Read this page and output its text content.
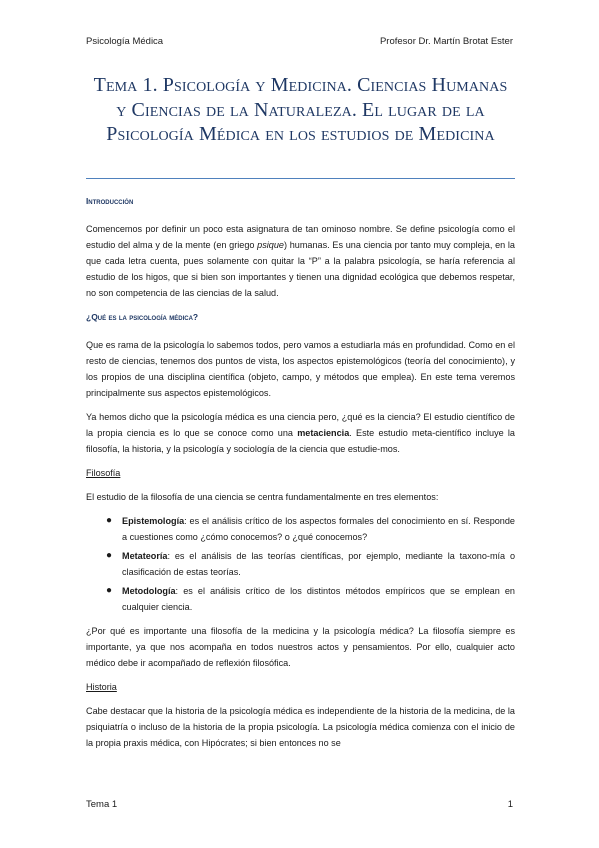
Psicología Médica	Profesor Dr. Martín Brotat Ester
Tema 1. Psicología y Medicina. Ciencias Humanas y Ciencias de la Naturaleza. El lugar de la Psicología Médica en los estudios de Medicina
Introducción

Comencemos por definir un poco esta asignatura de tan ominoso nombre. Se define psicología como el estudio del alma y de la mente (en griego psique) humanas. Es una ciencia por tanto muy compleja, en la que cada letra cuenta, pues solamente con quitar la “P” a la palabra psicología, se haría referencia al estudio de los higos, que si bien son importantes y tienen una dignidad ecológica que debemos respetar, no son competencia de las ciencias de la salud.

¿Qué es la psicología médica?

Que es rama de la psicología lo sabemos todos, pero vamos a estudiarla más en profundidad. Como en el resto de ciencias, tenemos dos puntos de vista, los aspectos epistemológicos (teoría del conocimiento), y los propios de una disciplina científica (objeto, campo, y métodos que emplea). En este tema veremos principalmente sus aspectos epistemológicos.

Ya hemos dicho que la psicología médica es una ciencia pero, ¿qué es la ciencia? El estudio científico de la propia ciencia es lo que se conoce como una metaciencia. Este estudio meta-científico incluye la filosofía, la historia, y la psicología y sociología de la ciencia que estudie-mos.

Filosofía

El estudio de la filosofía de una ciencia se centra fundamentalmente en tres elementos:

● Epistemología: es el análisis crítico de los aspectos formales del conocimiento en sí. Responde a cuestiones como ¿cómo conocemos? o ¿qué conocemos?
● Metateoría: es el análisis de las teorías científicas, por ejemplo, mediante la taxono-mía o clasificación de estas teorías.
● Metodología: es el análisis crítico de los distintos métodos empíricos que se emplean en cualquier ciencia.

¿Por qué es importante una filosofía de la medicina y la psicología médica? La filosofía siempre es importante, ya que nos acompaña en todos nuestros actos y pensamientos. Por ello, cualquier acto médico debe ir acompañado de reflexión filosófica.

Historia

Cabe destacar que la historia de la psicología médica es independiente de la historia de la medicina, de la psiquiatría o incluso de la historia de la propia psicología. La psicología médica comienza con el inicio de la propia praxis médica, con Hipócrates; si bien entonces no se

Tema 1	1
